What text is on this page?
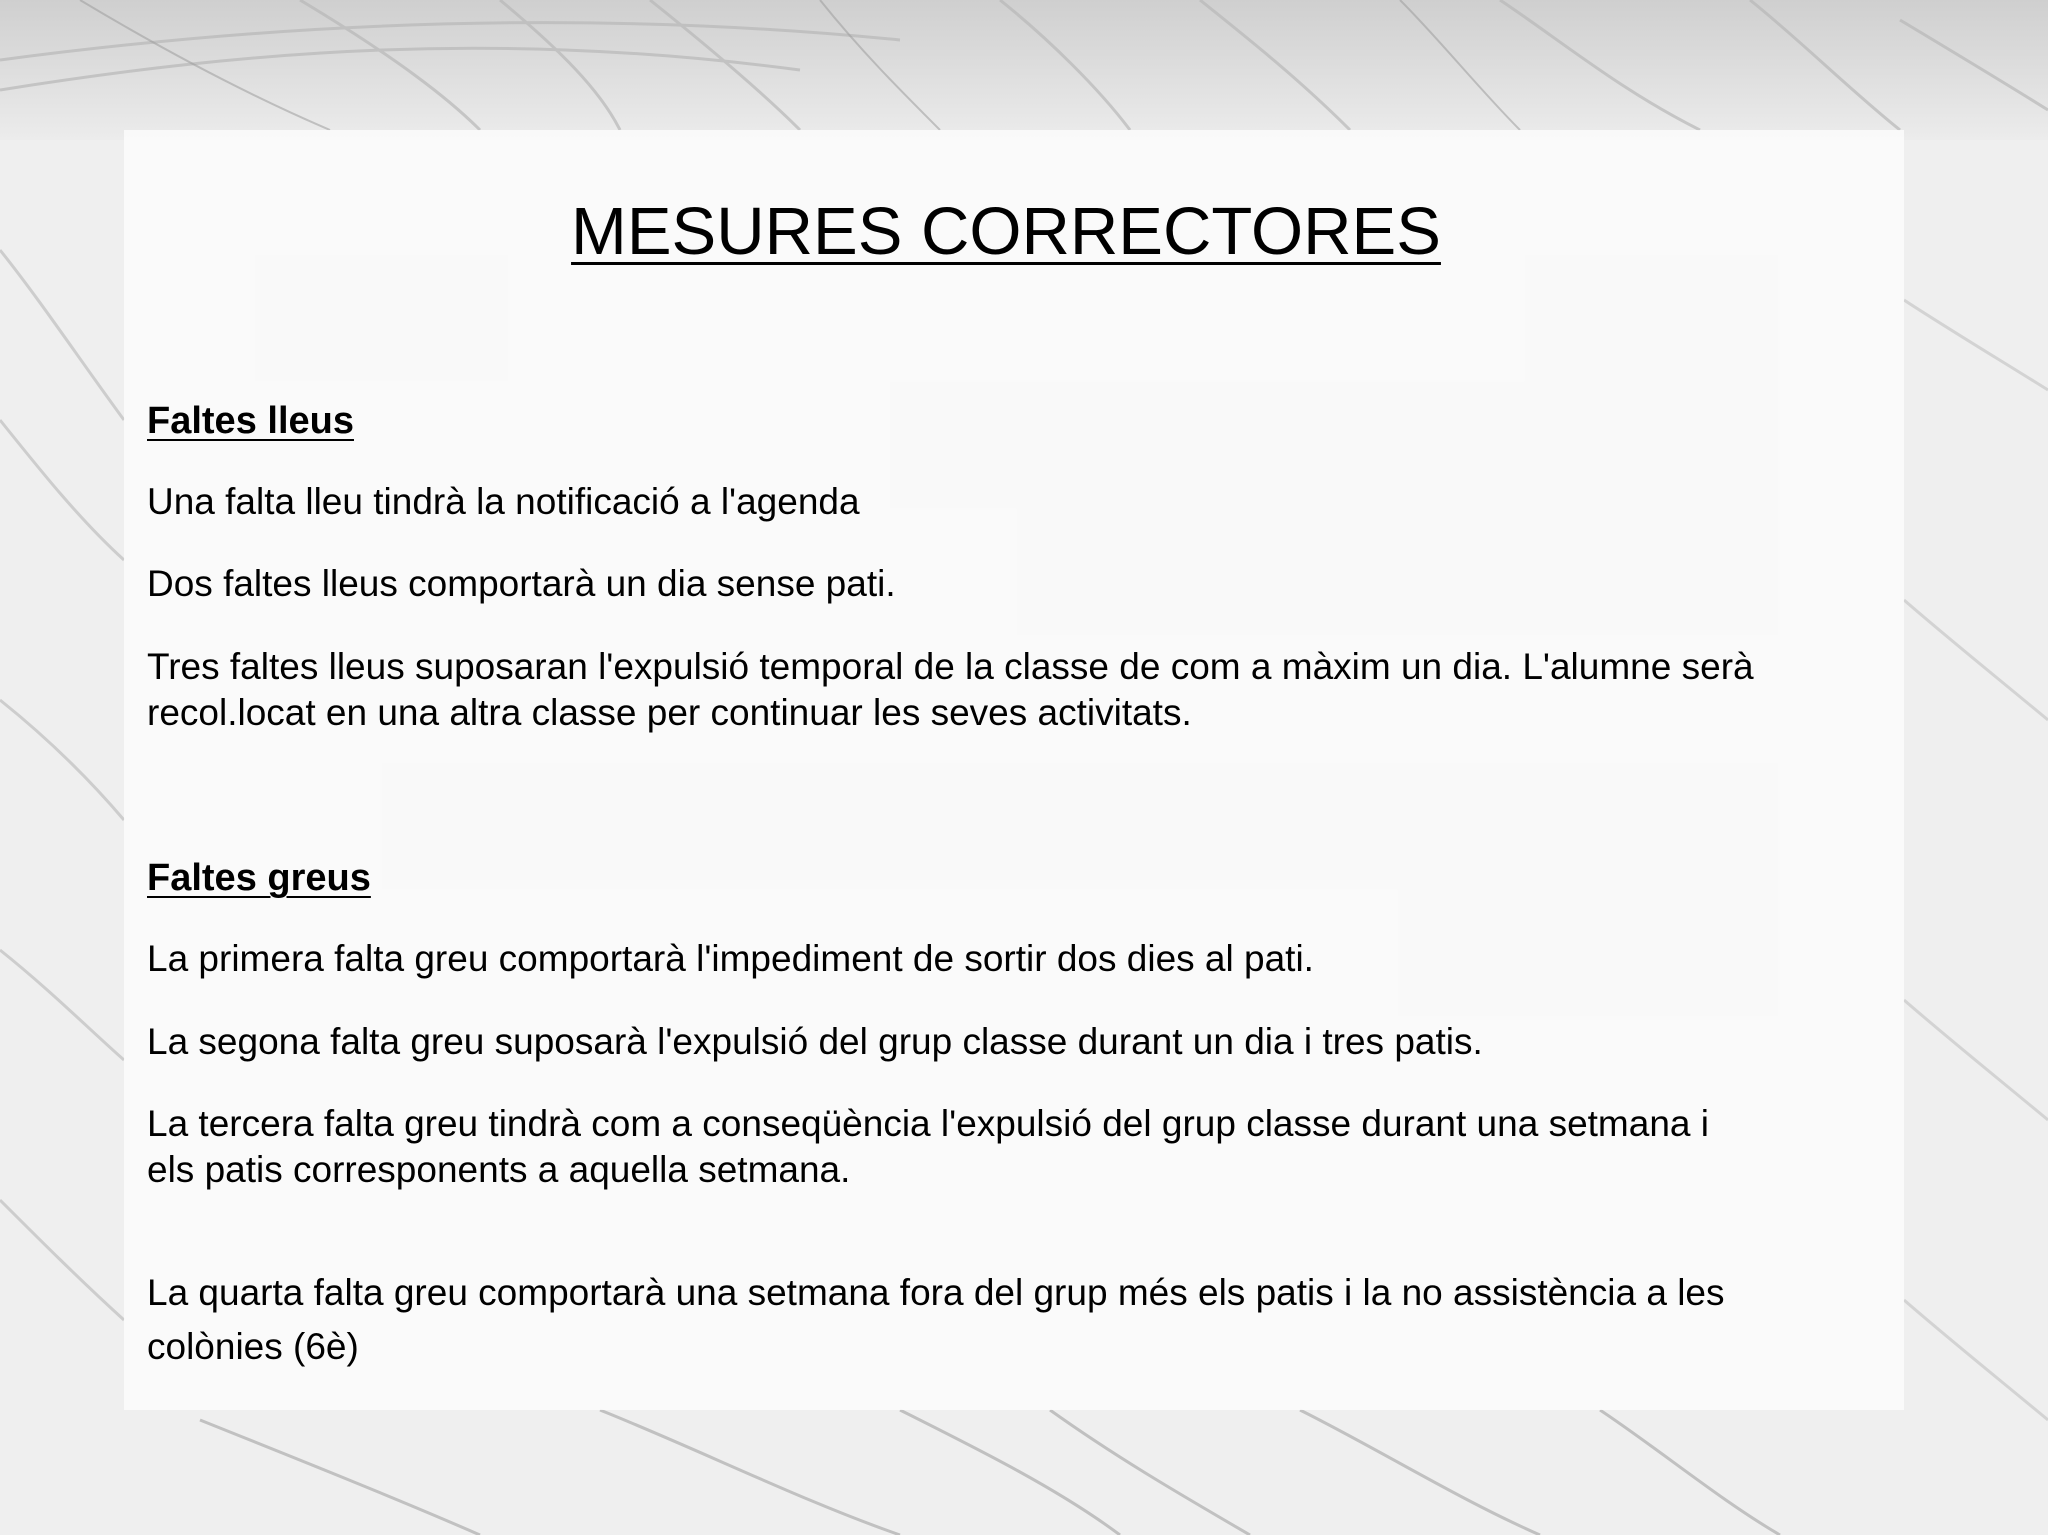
MESURES CORRECTORES
Faltes lleus

Una falta lleu tindrà la notificació a l'agenda

Dos faltes lleus comportarà un dia sense pati.

Tres faltes lleus suposaran l'expulsió temporal de la classe de com a màxim un dia. L'alumne serà
recol.locat en una altra classe per continuar les seves activitats.

Faltes greus

La primera falta greu comportarà l'impediment de sortir dos dies al pati.

La segona falta greu suposarà l'expulsió del grup classe durant un dia i tres patis.

La tercera falta greu tindrà com a conseqüència l'expulsió del grup classe durant una setmana i
els patis corresponents a aquella setmana.

La quarta falta greu comportarà una setmana fora del grup més els patis i la no assistència a les
colònies (6è)
